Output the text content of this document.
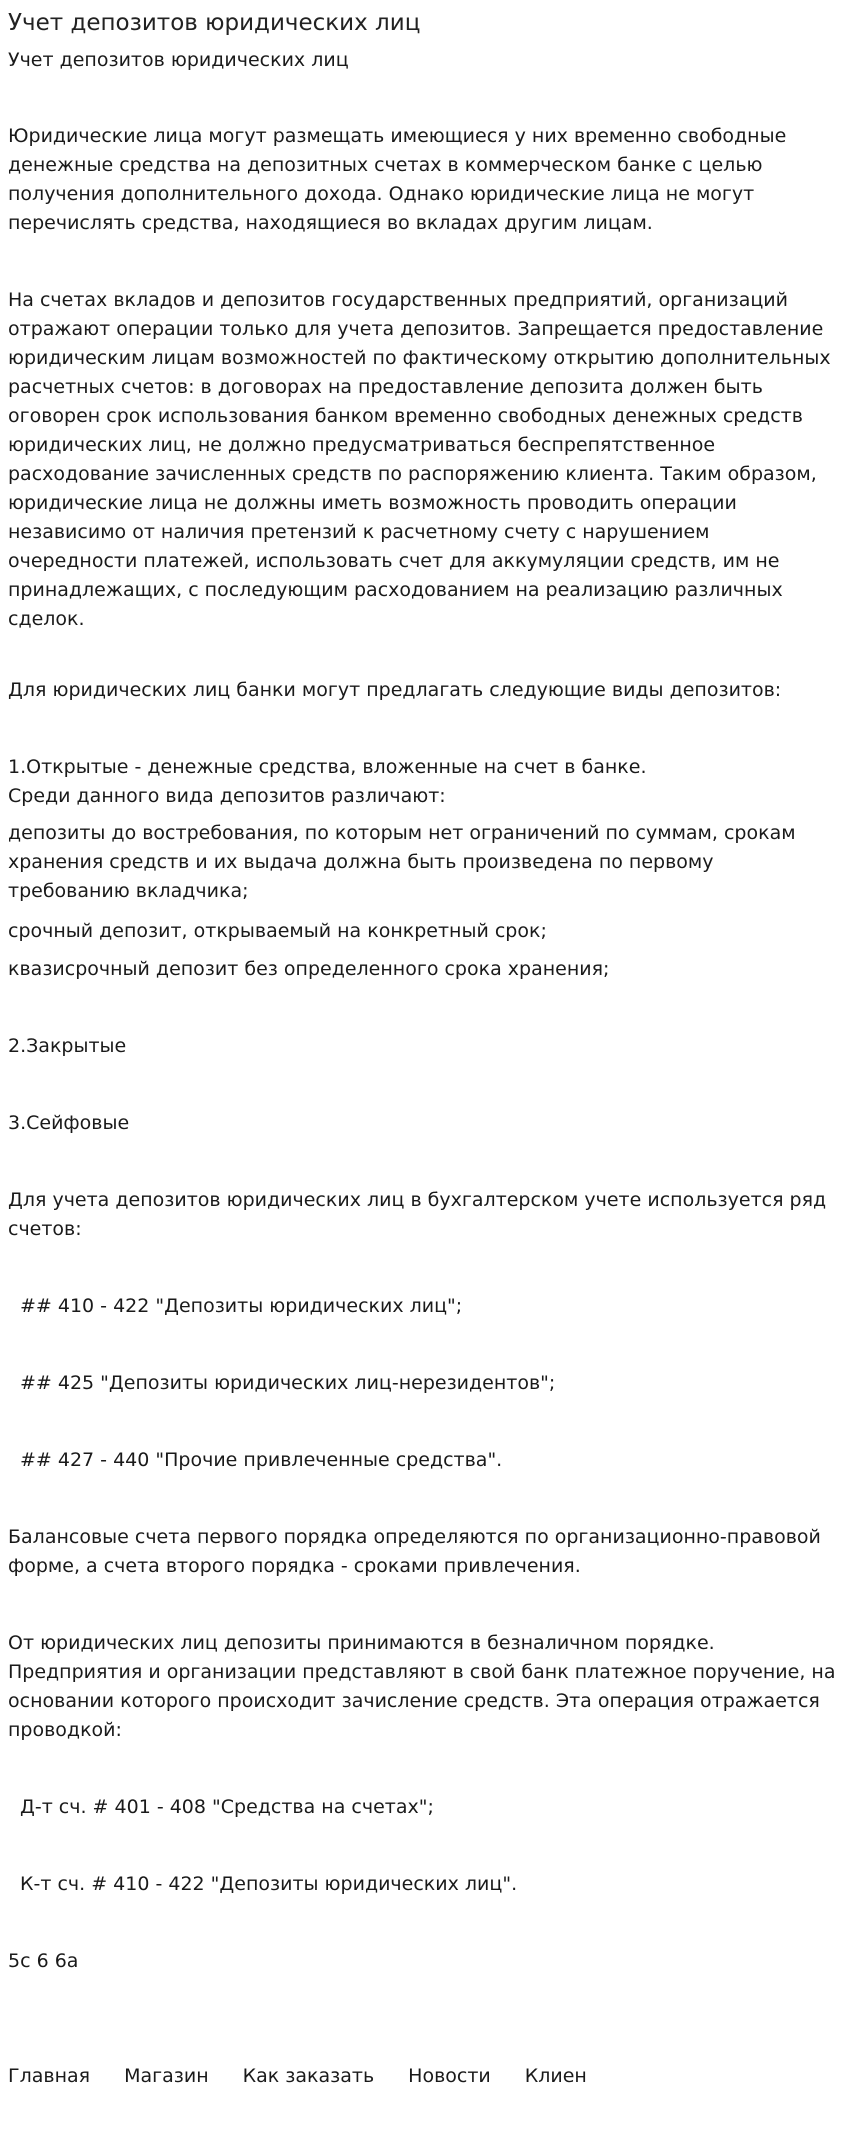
Учет депозитов юридических лиц
Учет депозитов юридических лиц

Юридические лица могут размещать имеющиеся у них временно свободные денежные средства на депозитных счетах в коммерческом банке с целью получения дополнительного дохода. Однако юридические лица не могут перечислять средства, находящиеся во вкладах другим лицам.

На счетах вкладов и депозитов государственных предприятий, организаций отражают операции только для учета депозитов. Запрещается предоставление юридическим лицам возможностей по фактическому открытию дополнительных расчетных счетов: в договорах на предоставление депозита должен быть оговорен срок использования банком временно свободных денежных средств юридических лиц, не должно предусматриваться беспрепятственное расходование зачисленных средств по распоряжению клиента. Таким образом, юридические лица не должны иметь возможность проводить операции независимо от наличия претензий к расчетному счету с нарушением очередности платежей, использовать счет для аккумуляции средств, им не принадлежащих, с последующим расходованием на реализацию различных сделок.

Для юридических лиц банки могут предлагать следующие виды депозитов:

1.Открытые - денежные средства, вложенные на счет в банке.

Среди данного вида депозитов различают:

депозиты до востребования, по которым нет ограничений по суммам, срокам хранения средств и их выдача должна быть произведена по первому требованию вкладчика;

срочный депозит, открываемый на конкретный срок;

квазисрочный депозит без определенного срока хранения;

2.Закрытые

3.Сейфовые

Для учета депозитов юридических лиц в бухгалтерском учете используется ряд счетов:

## 410 - 422 "Депозиты юридических лиц";

## 425 "Депозиты юридических лиц-нерезидентов";

## 427 - 440 "Прочие привлеченные средства".

Балансовые счета первого порядка определяются по организационно-правовой форме, а счета второго порядка - сроками привлечения.

От юридических лиц депозиты принимаются в безналичном порядке. Предприятия и организации представляют в свой банк платежное поручение, на основании которого происходит зачисление средств. Эта операция отражается проводкой:

Д-т сч. # 401 - 408 "Средства на счетах";

К-т сч. # 410 - 422 "Депозиты юридических лиц".

5с 6 6а

Главная Магазин Как заказать Новости Клиен
